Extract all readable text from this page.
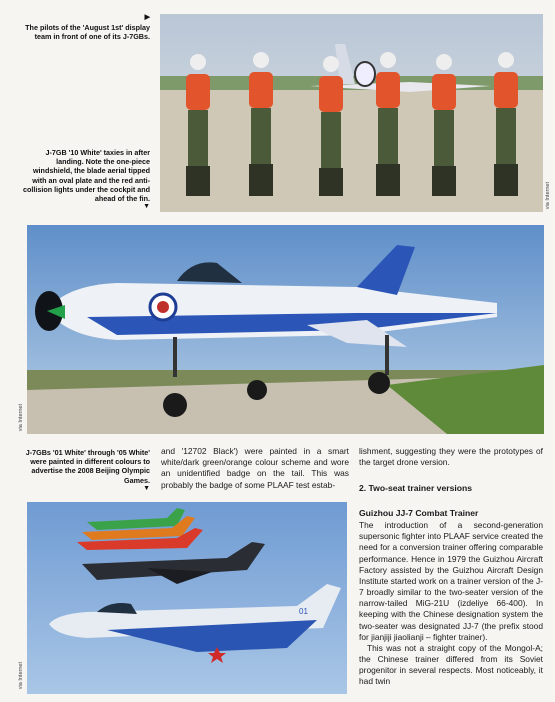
▶
The pilots of the 'August 1st' display team in front of one of its J-7GBs.
J-7GB '10 White' taxies in after landing. Note the one-piece windshield, the blade aerial tipped with an oval plate and the red anti-collision lights under the cockpit and ahead of the fin.
▼	via Internet
via Internet
J-7GBs '01 White' through '05 White' were painted in different colours to advertise the 2008 Beijing Olympic Games.
▼

and '12702 Black') were painted in a smart white/dark green/orange colour scheme and wore an unidentified badge on the tail. This was probably the badge of some PLAAF test estab-

lishment, suggesting they were the prototypes of the target drone version.

2. Two-seat trainer versions
Guizhou JJ-7 Combat Trainer

The introduction of a second-generation supersonic fighter into PLAAF service created the need for a conversion trainer offering comparable performance. Hence in 1979 the Guizhou Aircraft Factory assisted by the Guizhou Aircraft Design Institute started work on a trainer version of the J-7 broadly similar to the two-seater version of the narrow-tailed MiG-21U (izdeliye 66-400). In keeping with the Chinese designation system the two-seater was designated JJ-7 (the prefix stood for jianjiji jiaolianji – fighter trainer).

This was not a straight copy of the Mongol-A; the Chinese trainer differed from its Soviet progenitor in several respects. Most noticeably, it had twin

01
via Internet
